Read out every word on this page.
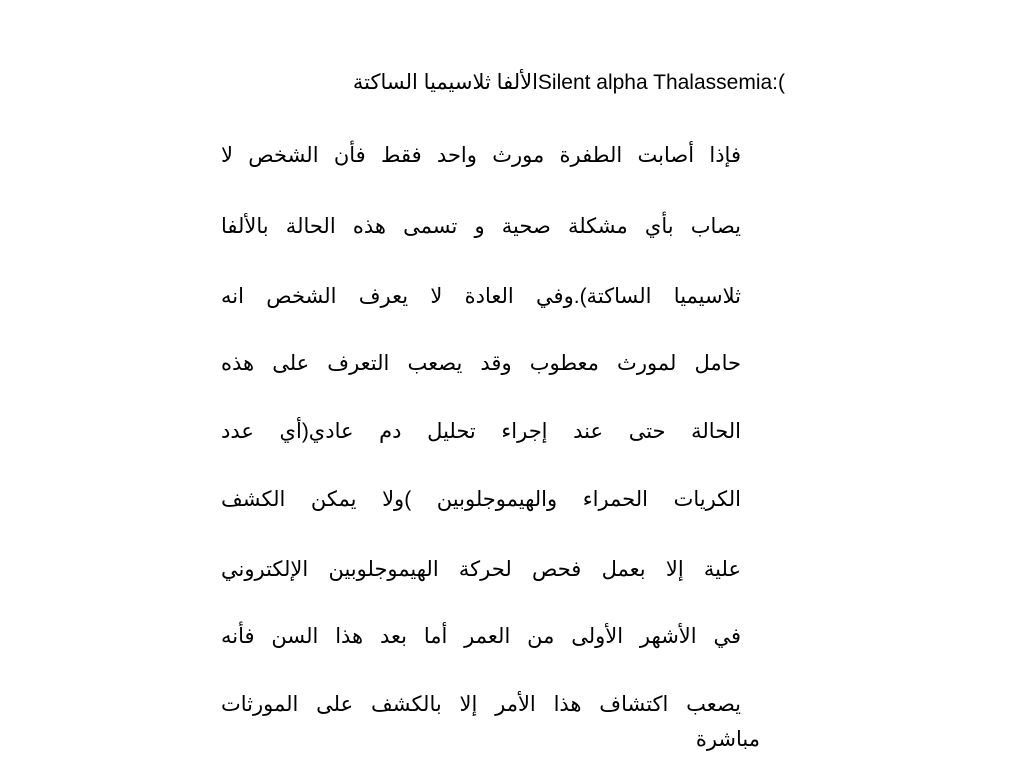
الألفا ثلاسيميا الساكتةSilent alpha Thalassemia:(
فإذا أصابت الطفرة مورث واحد فقط فأن الشخص لا
يصاب بأي مشكلة صحية و تسمى هذه الحالة بالألفا
ثلاسيميا الساكتة).وفي العادة لا يعرف الشخص انه
حامل لمورث معطوب وقد يصعب التعرف على هذه
الحالة حتى عند إجراء تحليل دم عادي(أي عدد
الكريات الحمراء والهيموجلوبين )ولا يمكن الكشف
علية إلا بعمل فحص لحركة الهيموجلوبين الإلكتروني
في الأشهر الأولى من العمر أما بعد هذا السن فأنه
يصعب اكتشاف هذا الأمر إلا بالكشف على المورثات
مباشرة
